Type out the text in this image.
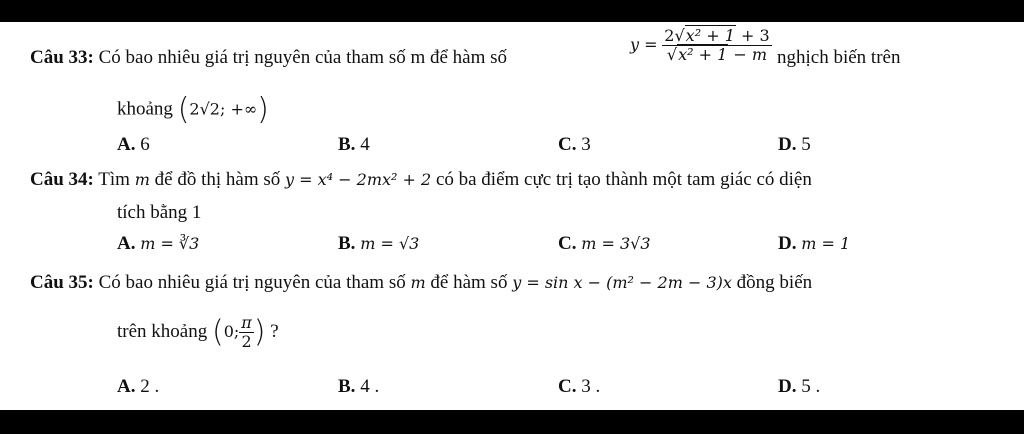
Câu 33: Có bao nhiêu giá trị nguyên của tham số m để hàm số
$y = \frac{\text{2√x² + 1 + 3}}{\text{√x² + 1 − m}}$ nghịch biến trên
khoảng (2√2; +∞)
A. 6	B. 4	C. 3	D. 5
Câu 34: Tìm m để đồ thị hàm số y = x⁴ − 2mx² + 2 có ba điểm cực trị tạo thành một tam giác có diện
tích bằng 1
A. m = ∛3	B. m = √3	C. m = 3√3	D. m = 1
Câu 35: Có bao nhiêu giá trị nguyên của tham số m để hàm số y = sin x − (m² − 2m − 3)x đồng biến
trên khoảng (0; $\frac{\pi}{2}$ ) ?
A. 2 .	B. 4 .	C. 3 .	D. 5 .
